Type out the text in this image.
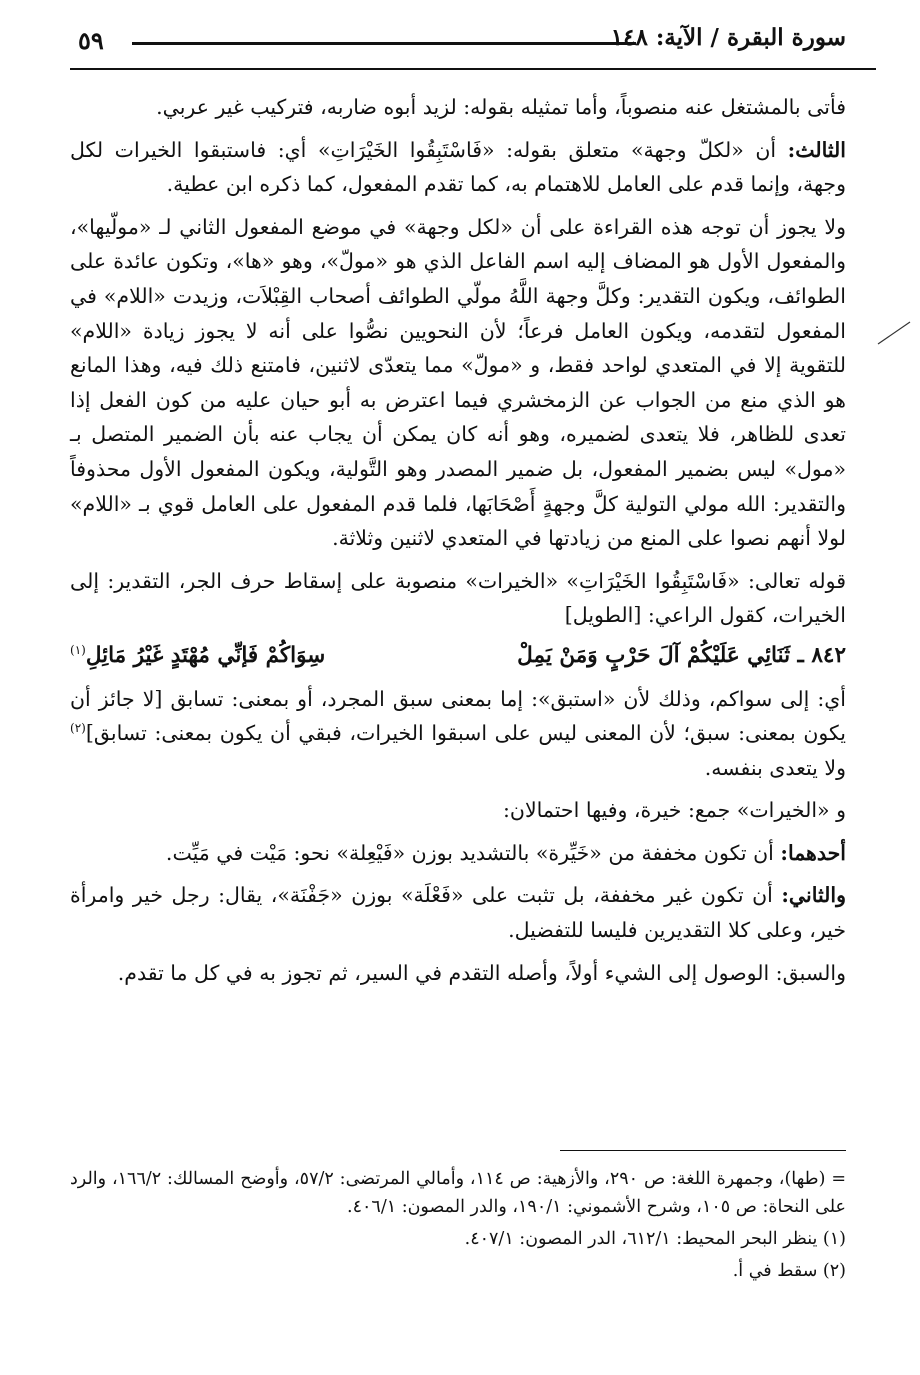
سورة البقرة / الآية: ١٤٨
٥٩

فأتى بالمشتغل عنه منصوباً، وأما تمثيله بقوله: لزيد أبوه ضاربه، فتركيب غير عربي.

الثالث: أن «لكلّ وجهة» متعلق بقوله: «فَاسْتَبِقُوا الخَيْرَاتِ» أي: فاستبقوا الخيرات لكل وجهة، وإنما قدم على العامل للاهتمام به، كما تقدم المفعول، كما ذكره ابن عطية.

ولا يجوز أن توجه هذه القراءة على أن «لكل وجهة» في موضع المفعول الثاني لـ «مولّيها»، والمفعول الأول هو المضاف إليه اسم الفاعل الذي هو «مولّ»، وهو «ها»، وتكون عائدة على الطوائف، ويكون التقدير: وكلَّ وجهة اللَّهُ مولّي الطوائف أصحاب القِبْلاَت، وزيدت «اللام» في المفعول لتقدمه، ويكون العامل فرعاً؛ لأن النحويين نصُّوا على أنه لا يجوز زيادة «اللام» للتقوية إلا في المتعدي لواحد فقط، و «مولّ» مما يتعدّى لاثنين، فامتنع ذلك فيه، وهذا المانع هو الذي منع من الجواب عن الزمخشري فيما اعترض به أبو حيان عليه من كون الفعل إذا تعدى للظاهر، فلا يتعدى لضميره، وهو أنه كان يمكن أن يجاب عنه بأن الضمير المتصل بـ «مول» ليس بضمير المفعول، بل ضمير المصدر وهو التَّولية، ويكون المفعول الأول محذوفاً والتقدير: الله مولي التولية كلَّ وجهةٍ أَصْحَابَها، فلما قدم المفعول على العامل قوي بـ «اللام» لولا أنهم نصوا على المنع من زيادتها في المتعدي لاثنين وثلاثة.

قوله تعالى: «فَاسْتَبِقُوا الخَيْرَاتِ» «الخيرات» منصوبة على إسقاط حرف الجر، التقدير: إلى الخيرات، كقول الراعي: [الطويل]

٨٤٢ ـ ثَنَائِي عَلَيْكُمْ آلَ حَرْبٍ وَمَنْ يَمِلْ
سِوَاكُمْ فَإنِّي مُهْتَدٍ غَيْرُ مَائِلِ$^{(١)}$

أي: إلى سواكم، وذلك لأن «استبق»: إما بمعنى سبق المجرد، أو بمعنى: تسابق [لا جائز أن يكون بمعنى: سبق؛ لأن المعنى ليس على اسبقوا الخيرات، فبقي أن يكون بمعنى: تسابق]$^{(٢)}$ ولا يتعدى بنفسه.

و «الخيرات» جمع: خيرة، وفيها احتمالان:

أحدهما: أن تكون مخففة من «خَيِّرة» بالتشديد بوزن «فَيْعِلة» نحو: مَيْت في مَيِّت.

والثاني: أن تكون غير مخففة، بل تثبت على «فَعْلَة» بوزن «جَفْنَة»، يقال: رجل خير وامرأة خير، وعلى كلا التقديرين فليسا للتفضيل.

والسبق: الوصول إلى الشيء أولاً، وأصله التقدم في السير، ثم تجوز به في كل ما تقدم.

= (طها)، وجمهرة اللغة: ص ٢٩٠، والأزهية: ص ١١٤، وأمالي المرتضى: ٥٧/٢، وأوضح المسالك: ١٦٦/٢، والرد على النحاة: ص ١٠٥، وشرح الأشموني: ١٩٠/١، والدر المصون: ٤٠٦/١.

(١) ينظر البحر المحيط: ٦١٢/١، الدر المصون: ٤٠٧/١.

(٢) سقط في أ.
